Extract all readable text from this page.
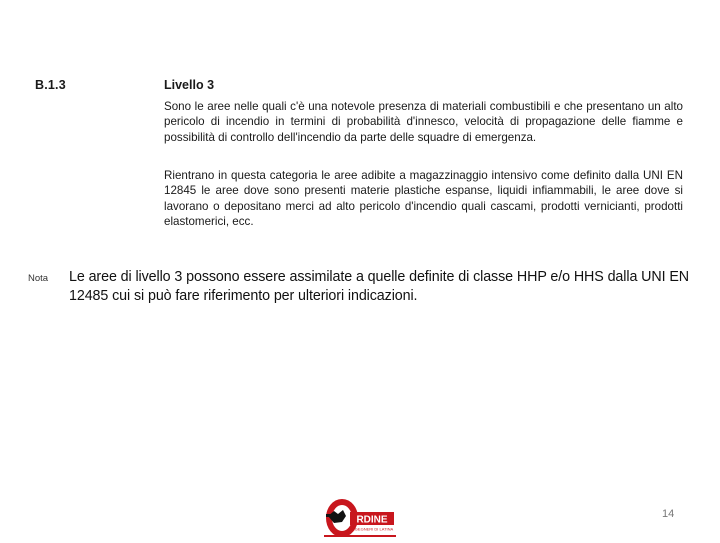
B.1.3	Livello 3

Sono le aree nelle quali c'è una notevole presenza di materiali combustibili e che presentano un alto pericolo di incendio in termini di probabilità d'innesco, velocità di propagazione delle fiamme e possibilità di controllo dell'incendio da parte delle squadre di emergenza.

Rientrano in questa categoria le aree adibite a magazzinaggio intensivo come definito dalla UNI EN 12845 le aree dove sono presenti materie plastiche espanse, liquidi infiammabili, le aree dove si lavorano o depositano merci ad alto pericolo d'incendio quali cascami, prodotti vernicianti, prodotti elastomerici, ecc.

Nota Le aree di livello 3 possono essere assimilate a quelle definite di classe HHP e/o HHS dalla UNI EN 12485 cui si può fare riferimento per ulteriori indicazioni.

RDINE
INGEGNERI DI LATINA
14
